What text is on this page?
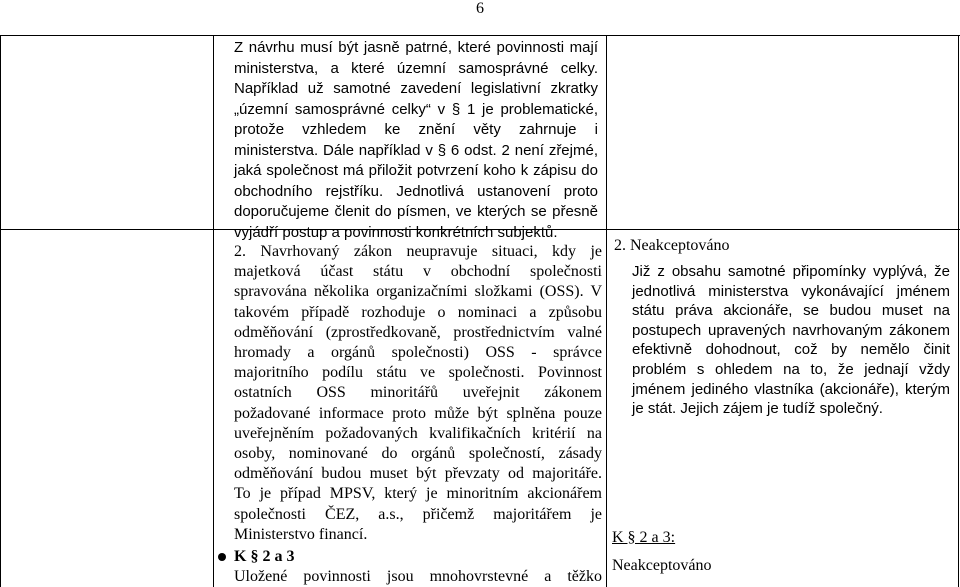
6
Z návrhu musí být jasně patrné, které povinnosti mají
ministerstva, a které územní samosprávné celky.
Například už samotné zavedení legislativní zkratky
„územní samosprávné celky“ v § 1 je problematické,
protože vzhledem ke znění věty zahrnuje i
ministerstva. Dále například v § 6 odst. 2 není zřejmé,
jaká společnost má přiložit potvrzení koho k zápisu do
obchodního rejstříku. Jednotlivá ustanovení proto
doporučujeme členit do písmen, ve kterých se přesně
vyjádří postup a povinnosti konkrétních subjektů.
2. Navrhovaný zákon neupravuje situaci, kdy je
majetková účast státu v obchodní společnosti
spravována několika organizačními složkami (OSS). V
takovém případě rozhoduje o nominaci a způsobu
odměňování (zprostředkovaně, prostřednictvím valné
hromady a orgánů společnosti) OSS - správce
majoritního podílu státu ve společnosti. Povinnost
ostatních OSS minoritářů uveřejnit zákonem
požadované informace proto může být splněna pouze
uveřejněním požadovaných kvalifikačních kritérií na
osoby, nominované do orgánů společností, zásady
odměňování budou muset být převzaty od majoritáře.
To je případ MPSV, který je minoritním akcionářem
společnosti ČEZ, a.s., přičemž majoritářem je
Ministerstvo financí.
K § 2 a 3
Uložené povinnosti jsou mnohovrstevné a těžko
2. Neakceptováno
Již z obsahu samotné připomínky vyplývá, že
jednotlivá ministerstva vykonávající jménem
státu práva akcionáře, se budou muset na
postupech upravených navrhovaným zákonem
efektivně dohodnout, což by nemělo činit
problém s ohledem na to, že jednají vždy
jménem jediného vlastníka (akcionáře), kterým
je stát. Jejich zájem je tudíž společný.
K § 2 a 3:
Neakceptováno
